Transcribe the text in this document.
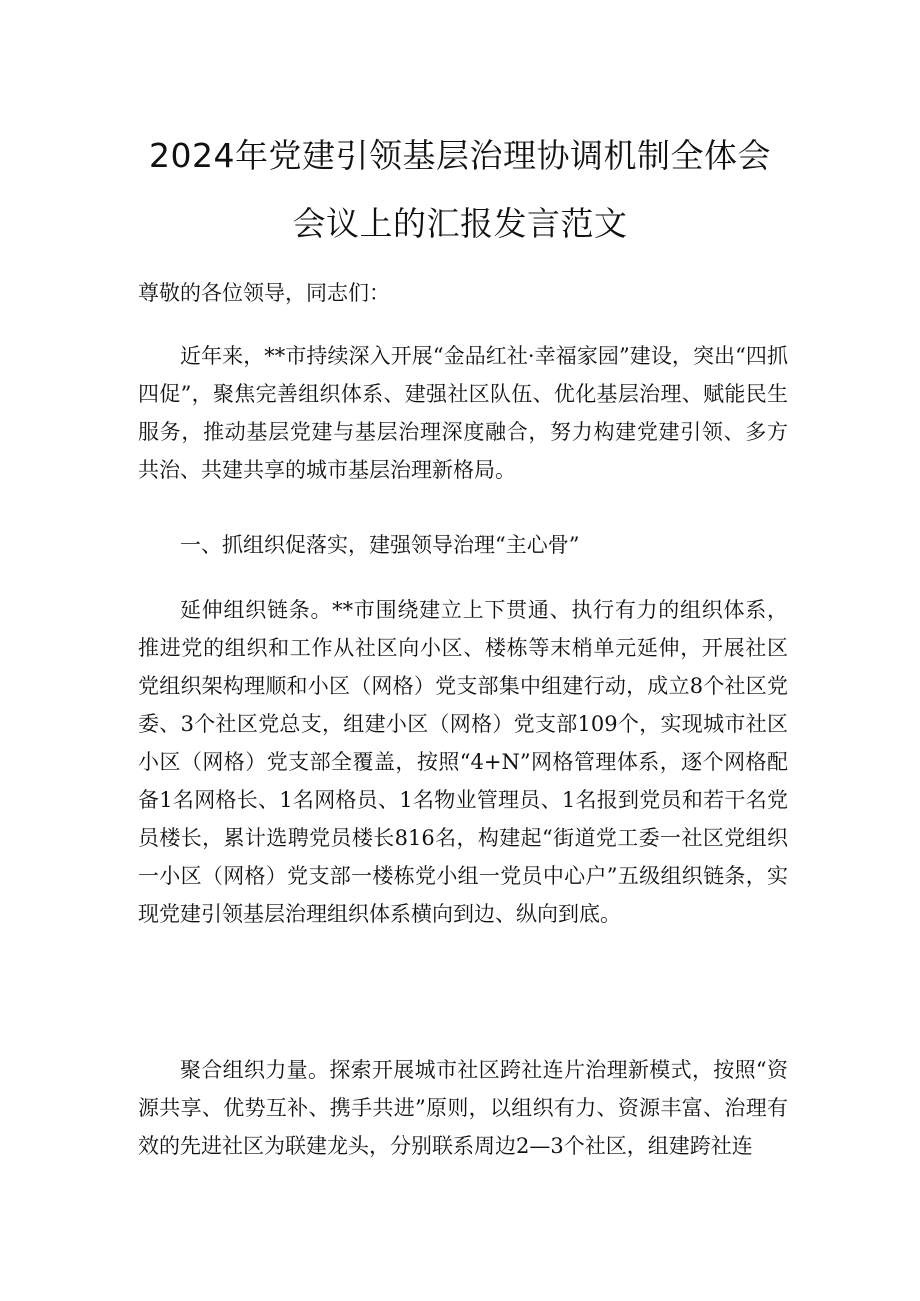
2024年党建引领基层治理协调机制全体会
会议上的汇报发言范文

尊敬的各位领导，同志们：

近年来，**市持续深入开展“金品红社·幸福家园”建设，突出“四抓四促”，聚焦完善组织体系、建强社区队伍、优化基层治理、赋能民生服务，推动基层党建与基层治理深度融合，努力构建党建引领、多方共治、共建共享的城市基层治理新格局。

一、抓组织促落实，建强领导治理“主心骨”

延伸组织链条。**市围绕建立上下贯通、执行有力的组织体系，推进党的组织和工作从社区向小区、楼栋等末梢单元延伸，开展社区党组织架构理顺和小区（网格）党支部集中组建行动，成立8个社区党委、3个社区党总支，组建小区（网格）党支部109个，实现城市社区小区（网格）党支部全覆盖，按照“4+N”网格管理体系，逐个网格配备1名网格长、1名网格员、1名物业管理员、1名报到党员和若干名党员楼长，累计选聘党员楼长816名，构建起“街道党工委一社区党组织一小区（网格）党支部一楼栋党小组一党员中心户”五级组织链条，实现党建引领基层治理组织体系横向到边、纵向到底。

聚合组织力量。探索开展城市社区跨社连片治理新模式，按照“资源共享、优势互补、携手共进”原则，以组织有力、资源丰富、治理有效的先进社区为联建龙头，分别联系周边2—3个社区，组建跨社连
